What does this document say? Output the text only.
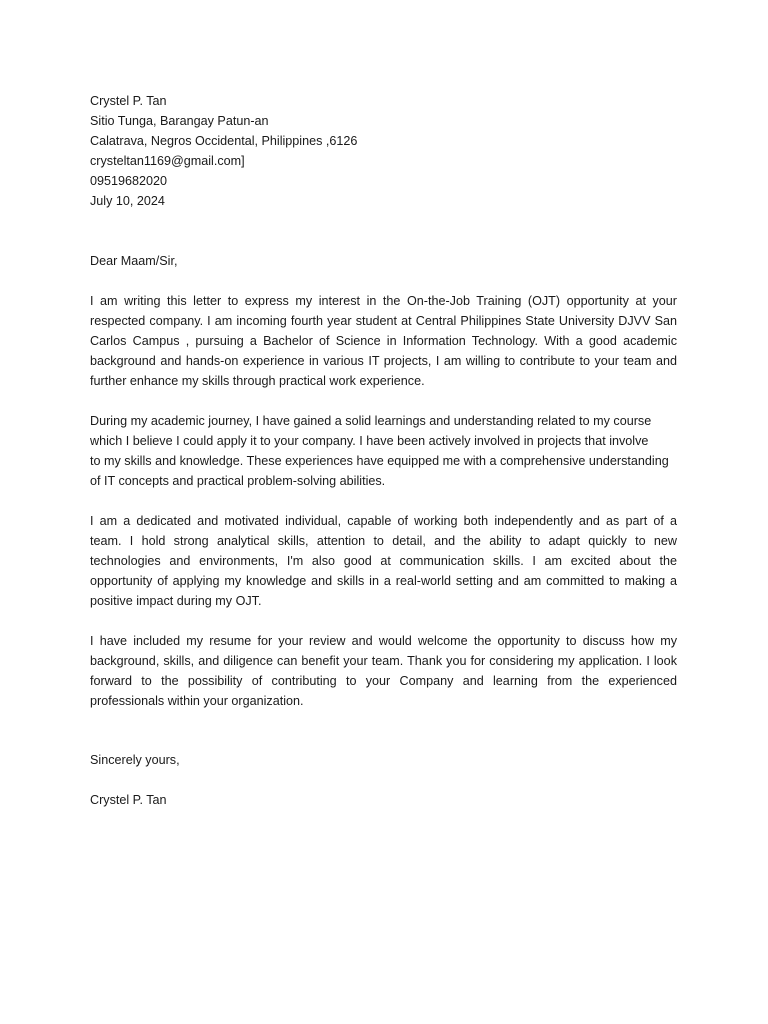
Crystel P. Tan
Sitio Tunga, Barangay Patun-an
Calatrava, Negros Occidental, Philippines ,6126
crysteltan1169@gmail.com]
09519682020
July 10, 2024
Dear Maam/Sir,
I am writing this letter to express my interest in the On-the-Job Training (OJT) opportunity at your
respected company. I am incoming fourth year student at Central Philippines State University DJVV San
Carlos Campus , pursuing a Bachelor of Science in Information Technology. With a good academic
background and hands-on experience in various IT projects, I am willing to contribute to your team and
further enhance my skills through practical work experience.
During my academic journey, I have gained a solid learnings and understanding related to my course
which I believe I could apply it to your company. I have been actively involved in projects that involve
to my skills and knowledge. These experiences have equipped me with a comprehensive understanding
of IT concepts and practical problem-solving abilities.
I am a dedicated and motivated individual, capable of working both independently and as part of a
team. I hold strong analytical skills, attention to detail, and the ability to adapt quickly to new
technologies and environments, I'm also good at communication skills. I am excited about the
opportunity of applying my knowledge and skills in a real-world setting and am committed to making a
positive impact during my OJT.
I have included my resume for your review and would welcome the opportunity to discuss how my
background, skills, and diligence can benefit your team. Thank you for considering my application. I look
forward to the possibility of contributing to your Company and learning from the experienced
professionals within your organization.
Sincerely yours,
Crystel P. Tan
